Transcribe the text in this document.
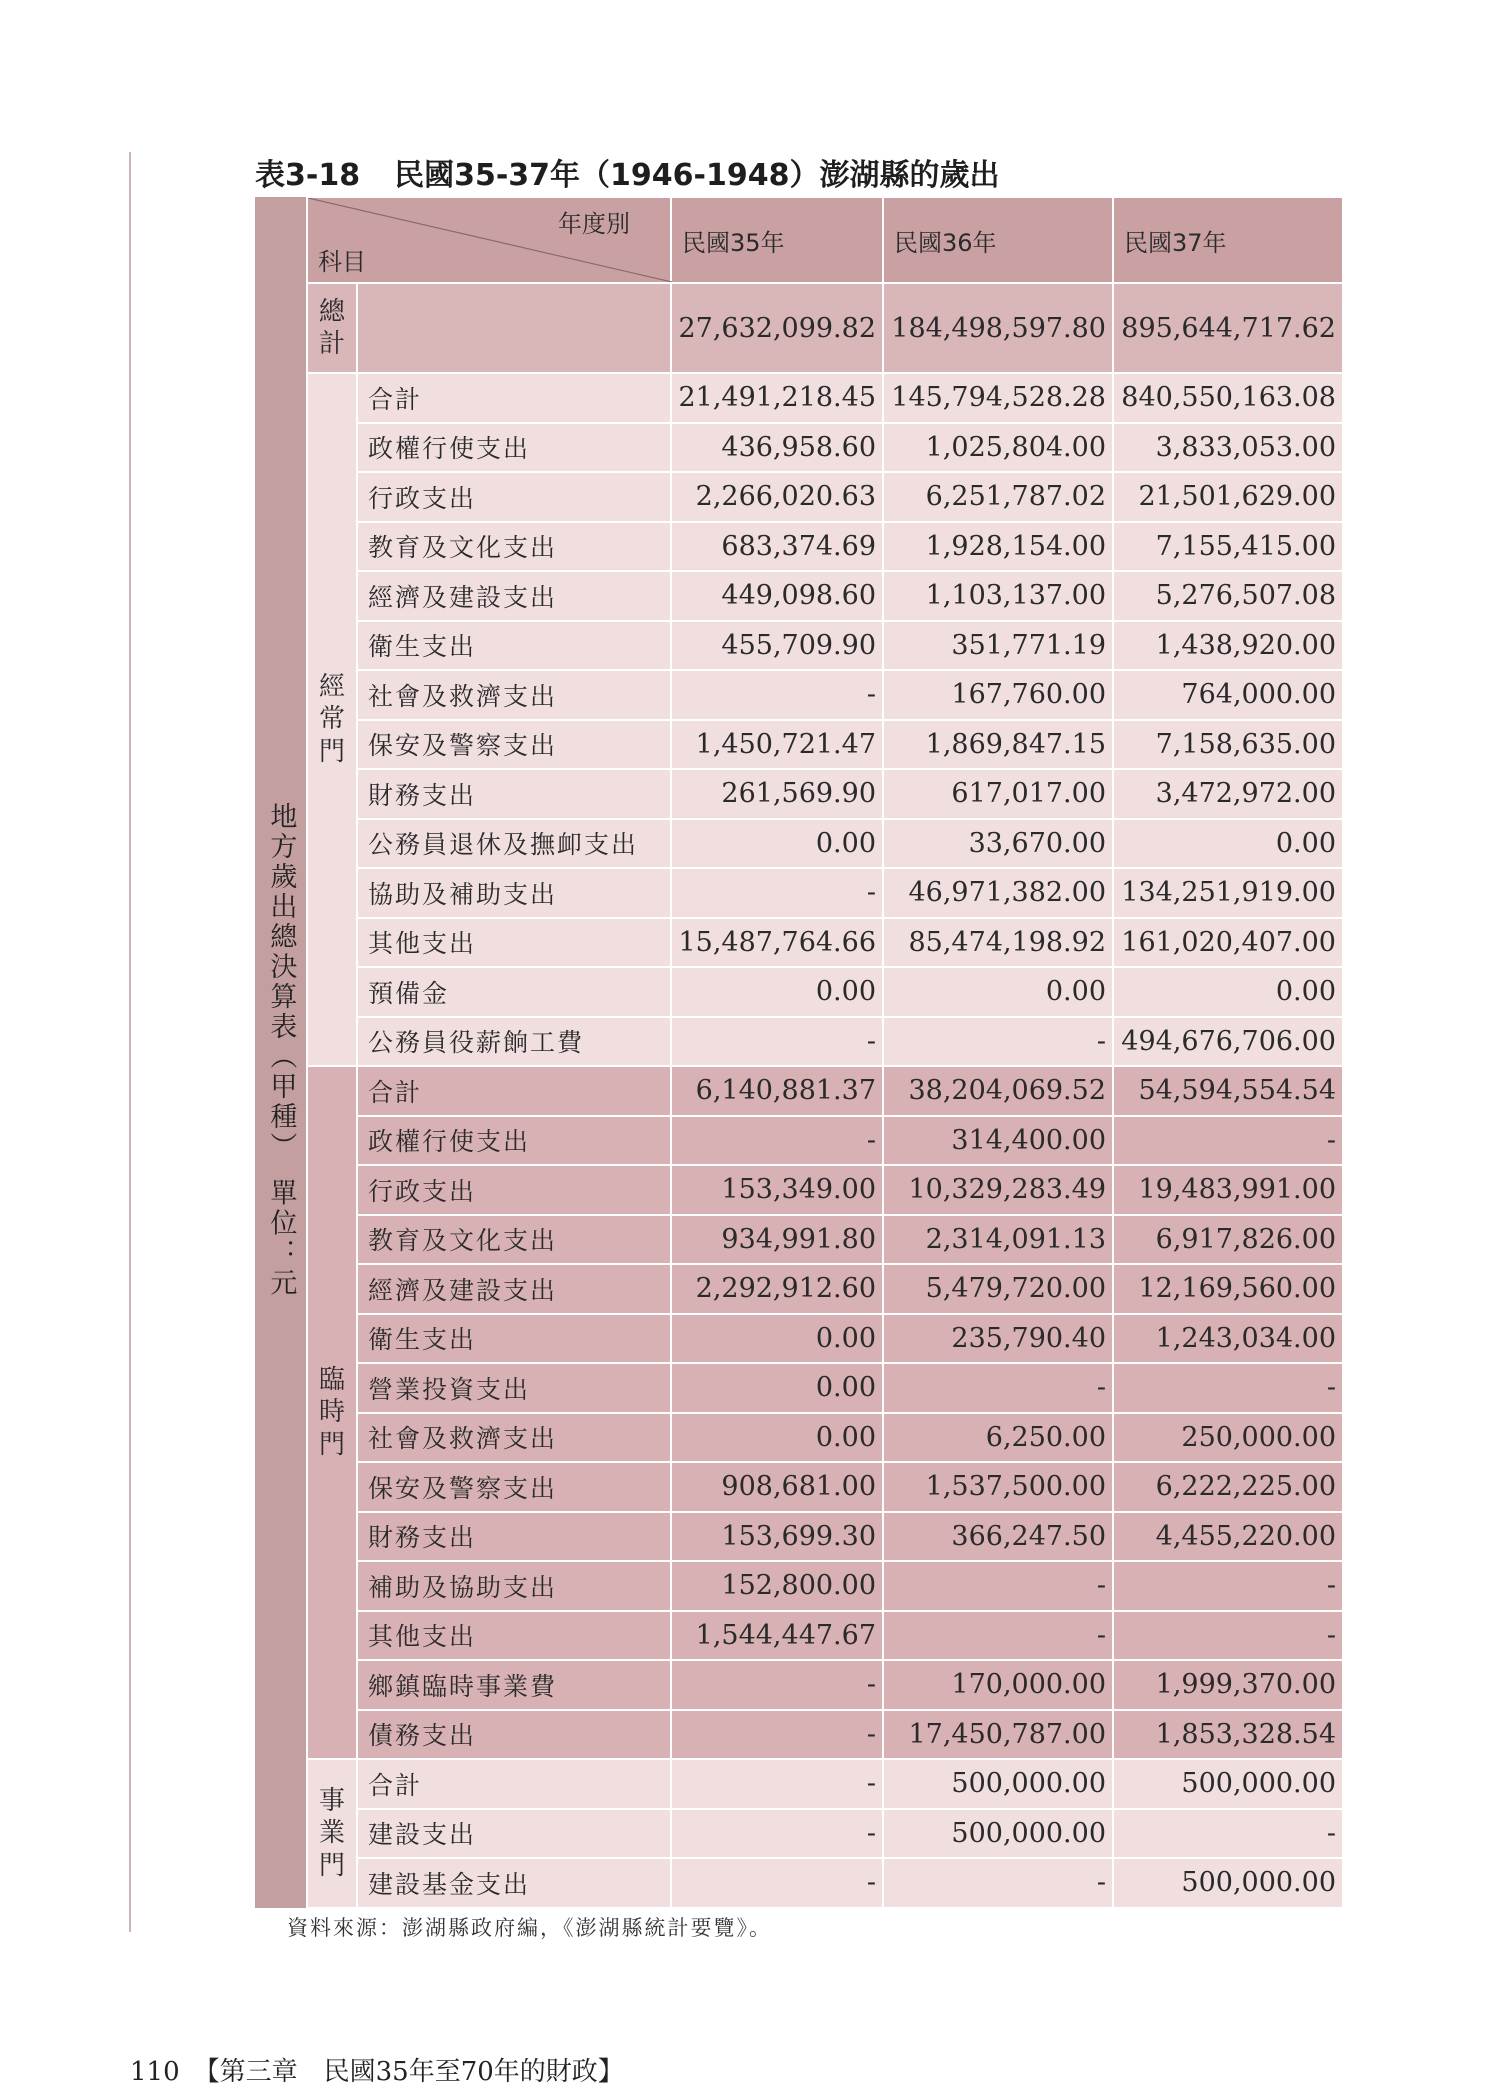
表3-18 民國35-37年（1946-1948）澎湖縣的歲出
地方歲出總決算表（甲種）　單位：元	年度別
科目		民國35年	民國36年	民國37年

	總
計		27,632,099.82	184,498,597.80	895,644,717.62

	經
常
門	合計	21,491,218.45	145,794,528.28	840,550,163.08
		政權行使支出	436,958.60	1,025,804.00	3,833,053.00
		行政支出	2,266,020.63	6,251,787.02	21,501,629.00
		教育及文化支出	683,374.69	1,928,154.00	7,155,415.00
		經濟及建設支出	449,098.60	1,103,137.00	5,276,507.08
		衛生支出	455,709.90	351,771.19	1,438,920.00
		社會及救濟支出	-	167,760.00	764,000.00
		保安及警察支出	1,450,721.47	1,869,847.15	7,158,635.00
		財務支出	261,569.90	617,017.00	3,472,972.00
		公務員退休及撫卹支出	0.00	33,670.00	0.00
		協助及補助支出	-	46,971,382.00	134,251,919.00
		其他支出	15,487,764.66	85,474,198.92	161,020,407.00
		預備金	0.00	0.00	0.00
		公務員役薪餉工費	-	-	494,676,706.00

	臨
時
門	合計	6,140,881.37	38,204,069.52	54,594,554.54
		政權行使支出	-	314,400.00	-
		行政支出	153,349.00	10,329,283.49	19,483,991.00
		教育及文化支出	934,991.80	2,314,091.13	6,917,826.00
		經濟及建設支出	2,292,912.60	5,479,720.00	12,169,560.00
		衛生支出	0.00	235,790.40	1,243,034.00
		營業投資支出	0.00	-	-
		社會及救濟支出	0.00	6,250.00	250,000.00
		保安及警察支出	908,681.00	1,537,500.00	6,222,225.00
		財務支出	153,699.30	366,247.50	4,455,220.00
		補助及協助支出	152,800.00	-	-
		其他支出	1,544,447.67	-	-
		鄉鎮臨時事業費	-	170,000.00	1,999,370.00
		債務支出	-	17,450,787.00	1,853,328.54

	事
業
門	合計	-	500,000.00	500,000.00
		建設支出	-	500,000.00	-
		建設基金支出	-	-	500,000.00
資料來源：澎湖縣政府編，《澎湖縣統計要覽》。
110 【第三章　民國35年至70年的財政】
